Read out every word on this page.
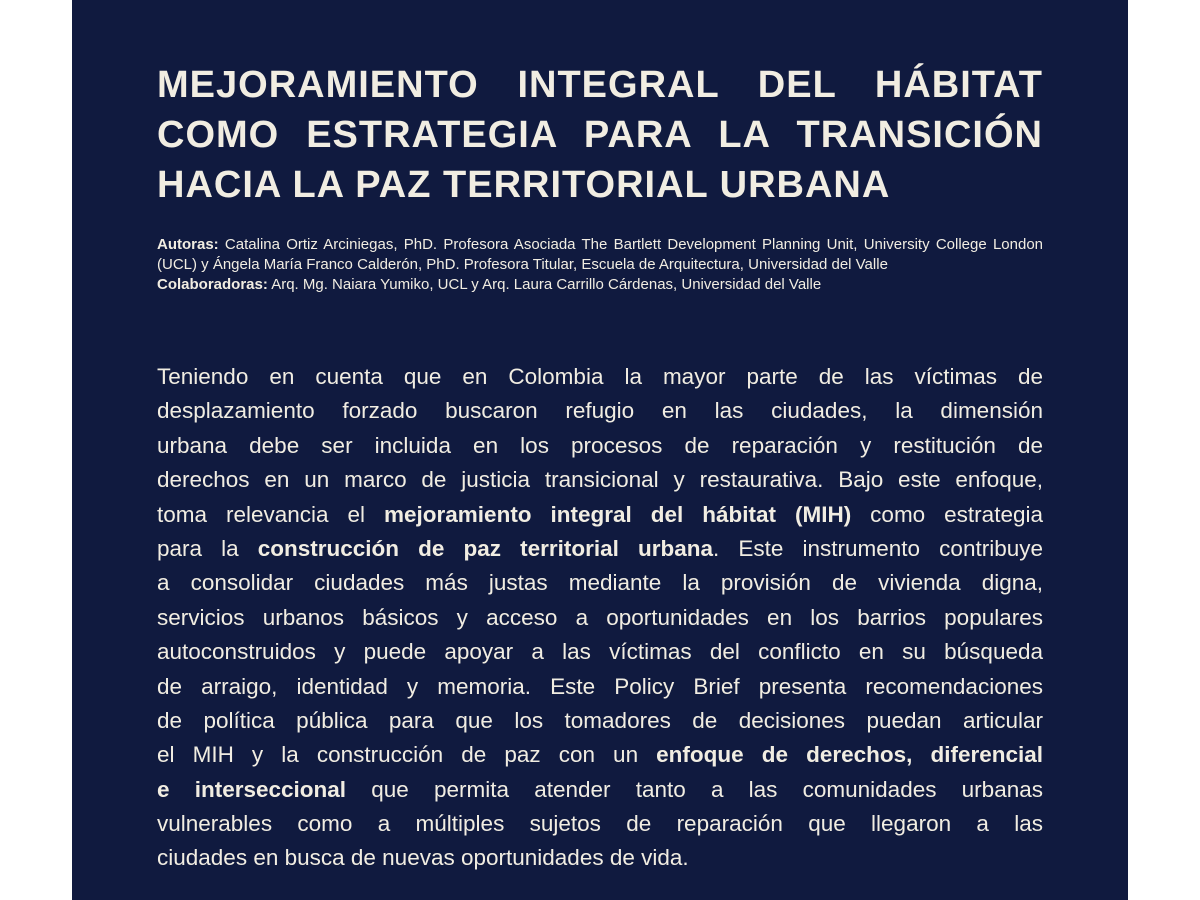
MEJORAMIENTO INTEGRAL DEL HÁBITAT
COMO ESTRATEGIA PARA LA TRANSICIÓN
HACIA LA PAZ TERRITORIAL URBANA

Autoras: Catalina Ortiz Arciniegas, PhD. Profesora Asociada The Bartlett Development Planning Unit, University College London (UCL) y Ángela María Franco Calderón, PhD. Profesora Titular, Escuela de Arquitectura, Universidad del Valle

Colaboradoras: Arq. Mg. Naiara Yumiko, UCL y Arq. Laura Carrillo Cárdenas, Universidad del Valle

Teniendo en cuenta que en Colombia la mayor parte de las víctimas de
desplazamiento forzado buscaron refugio en las ciudades, la dimensión
urbana debe ser incluida en los procesos de reparación y restitución de
derechos en un marco de justicia transicional y restaurativa. Bajo este enfoque,
toma relevancia el mejoramiento integral del hábitat (MIH) como estrategia
para la construcción de paz territorial urbana. Este instrumento contribuye
a consolidar ciudades más justas mediante la provisión de vivienda digna,
servicios urbanos básicos y acceso a oportunidades en los barrios populares
autoconstruidos y puede apoyar a las víctimas del conflicto en su búsqueda
de arraigo, identidad y memoria. Este Policy Brief presenta recomendaciones
de política pública para que los tomadores de decisiones puedan articular
el MIH y la construcción de paz con un enfoque de derechos, diferencial
e interseccional que permita atender tanto a las comunidades urbanas
vulnerables como a múltiples sujetos de reparación que llegaron a las
ciudades en busca de nuevas oportunidades de vida.
